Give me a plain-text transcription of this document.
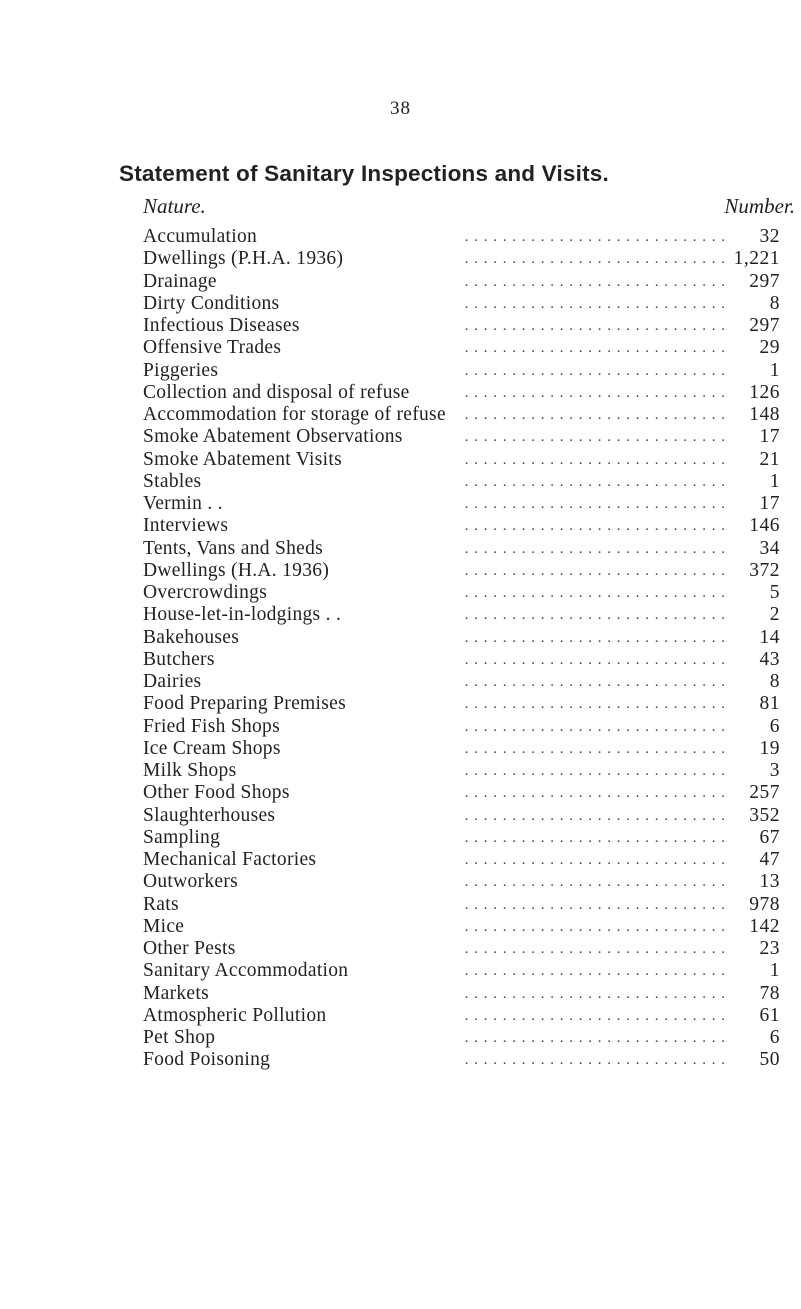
38
Statement of Sanitary Inspections and Visits.
Nature.	Number.
. . . . . . . . . . . . . . . . . . . . . . . . . . . .
Accumulation	32
. . . . . . . . . . . . . . . . . . . . . . . . . . . .
Dwellings (P.H.A. 1936)	1,221
. . . . . . . . . . . . . . . . . . . . . . . . . . . .
Drainage	297
. . . . . . . . . . . . . . . . . . . . . . . . . . . .
Dirty Conditions	8
. . . . . . . . . . . . . . . . . . . . . . . . . . . .
Infectious Diseases	297
. . . . . . . . . . . . . . . . . . . . . . . . . . . .
Offensive Trades	29
. . . . . . . . . . . . . . . . . . . . . . . . . . . .
Piggeries	1
. . . . . . . . . . . . . . . . . . . . . . . . . . . .
Collection and disposal of refuse	126
. . . . . . . . . . . . . . . . . . . . . . . . . . . .
Accommodation for storage of refuse	148
. . . . . . . . . . . . . . . . . . . . . . . . . . . .
Smoke Abatement Observations	17
. . . . . . . . . . . . . . . . . . . . . . . . . . . .
Smoke Abatement Visits	21
. . . . . . . . . . . . . . . . . . . . . . . . . . . .
Stables	1
. . . . . . . . . . . . . . . . . . . . . . . . . . . .
Vermin . .	17
. . . . . . . . . . . . . . . . . . . . . . . . . . . .
Interviews	146
. . . . . . . . . . . . . . . . . . . . . . . . . . . .
Tents, Vans and Sheds	34
. . . . . . . . . . . . . . . . . . . . . . . . . . . .
Dwellings (H.A. 1936)	372
. . . . . . . . . . . . . . . . . . . . . . . . . . . .
Overcrowdings	5
. . . . . . . . . . . . . . . . . . . . . . . . . . . .
House-let-in-lodgings . .	2
. . . . . . . . . . . . . . . . . . . . . . . . . . . .
Bakehouses	14
. . . . . . . . . . . . . . . . . . . . . . . . . . . .
Butchers	43
. . . . . . . . . . . . . . . . . . . . . . . . . . . .
Dairies	8
. . . . . . . . . . . . . . . . . . . . . . . . . . . .
Food Preparing Premises	81
. . . . . . . . . . . . . . . . . . . . . . . . . . . .
Fried Fish Shops	6
. . . . . . . . . . . . . . . . . . . . . . . . . . . .
Ice Cream Shops	19
. . . . . . . . . . . . . . . . . . . . . . . . . . . .
Milk Shops	3
. . . . . . . . . . . . . . . . . . . . . . . . . . . .
Other Food Shops	257
. . . . . . . . . . . . . . . . . . . . . . . . . . . .
Slaughterhouses	352
. . . . . . . . . . . . . . . . . . . . . . . . . . . .
Sampling	67
. . . . . . . . . . . . . . . . . . . . . . . . . . . .
Mechanical Factories	47
. . . . . . . . . . . . . . . . . . . . . . . . . . . .
Outworkers	13
. . . . . . . . . . . . . . . . . . . . . . . . . . . .
Rats	978
. . . . . . . . . . . . . . . . . . . . . . . . . . . .
Mice	142
. . . . . . . . . . . . . . . . . . . . . . . . . . . .
Other Pests	23
. . . . . . . . . . . . . . . . . . . . . . . . . . . .
Sanitary Accommodation	1
. . . . . . . . . . . . . . . . . . . . . . . . . . . .
Markets	78
. . . . . . . . . . . . . . . . . . . . . . . . . . . .
Atmospheric Pollution	61
. . . . . . . . . . . . . . . . . . . . . . . . . . . .
Pet Shop	6
. . . . . . . . . . . . . . . . . . . . . . . . . . . .
Food Poisoning	50
